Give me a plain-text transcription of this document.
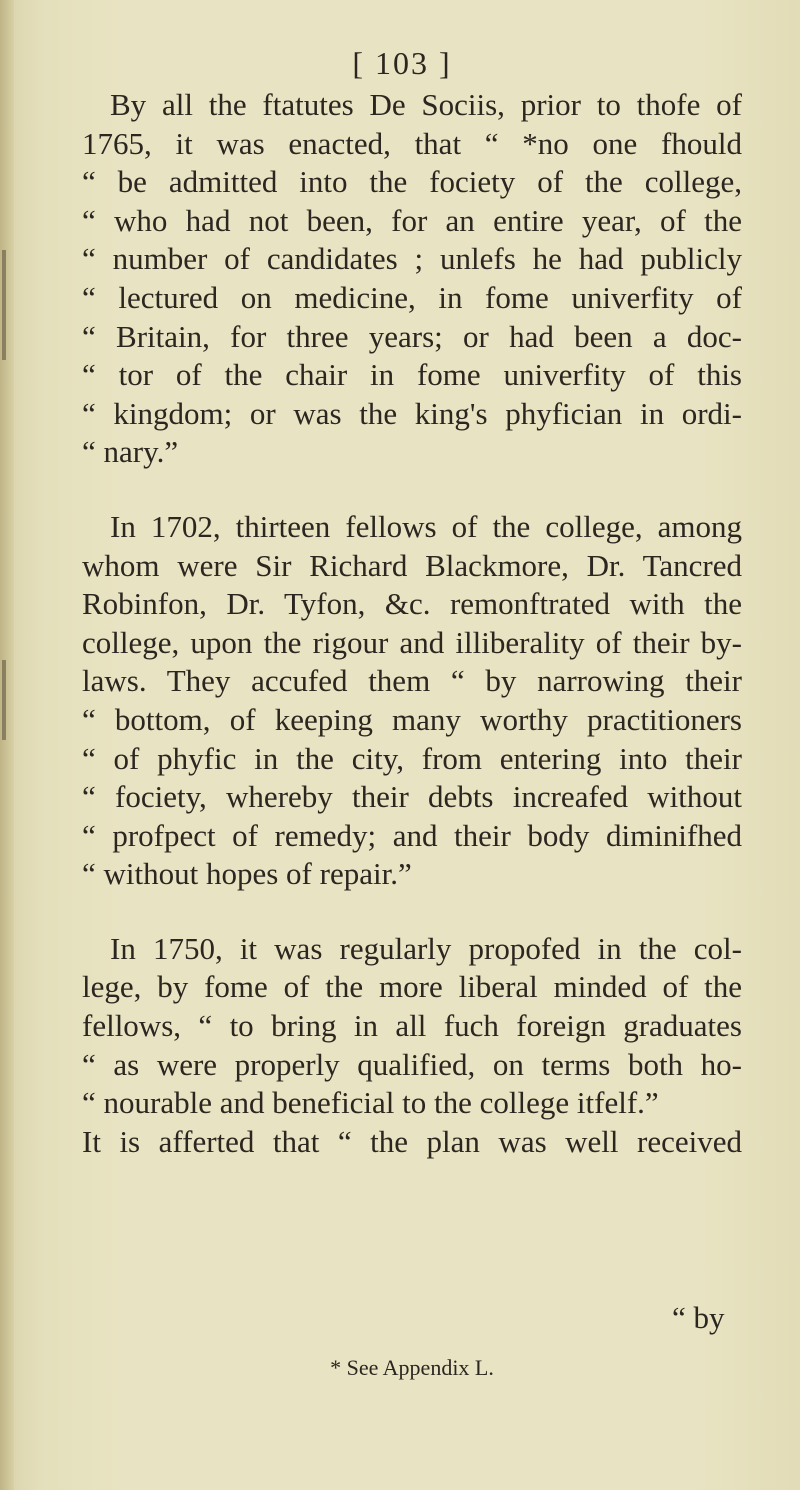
[ 103 ]
By all the ftatutes De Sociis, prior to thofe of
1765, it was enacted, that “ *no one fhould
“ be admitted into the fociety of the college,
“ who had not been, for an entire year, of the
“ number of candidates ; unlefs he had publicly
“ lectured on medicine, in fome univerfity of
“ Britain, for three years; or had been a doc-
“ tor of the chair in fome univerfity of this
“ kingdom; or was the king's phyfician in ordi-
“ nary.”
In 1702, thirteen fellows of the college, among
whom were Sir Richard Blackmore, Dr. Tancred
Robinfon, Dr. Tyfon, &c. remonftrated with the
college, upon the rigour and illiberality of their by-
laws. They accufed them “ by narrowing their
“ bottom, of keeping many worthy practitioners
“ of phyfic in the city, from entering into their
“ fociety, whereby their debts increafed without
“ profpect of remedy; and their body diminifhed
“ without hopes of repair.”
In 1750, it was regularly propofed in the col-
lege, by fome of the more liberal minded of the
fellows, “ to bring in all fuch foreign graduates
“ as were properly qualified, on terms both ho-
“ nourable and beneficial to the college itfelf.”
It is afferted that “ the plan was well received
“ by
* See Appendix L.
